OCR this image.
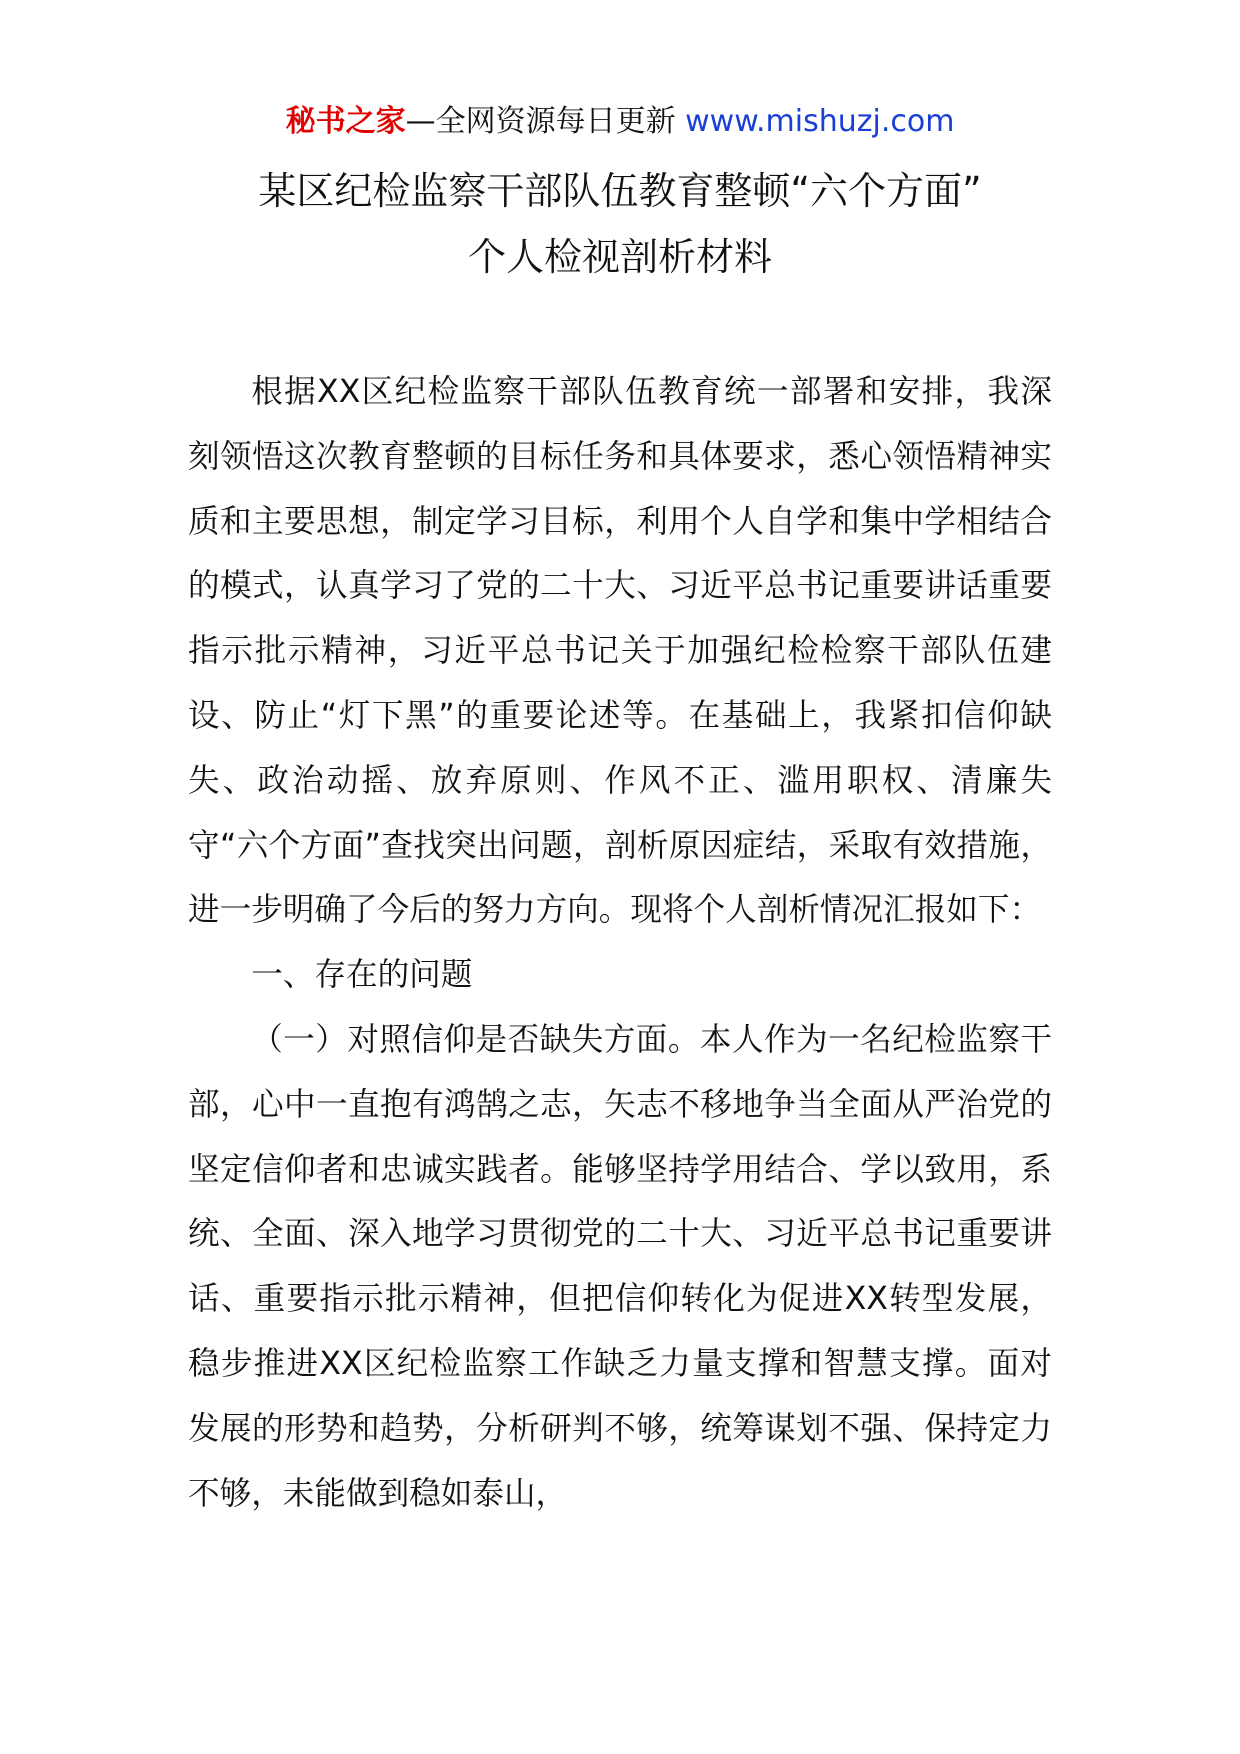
秘书之家—全网资源每日更新 www.mishuzj.com
某区纪检监察干部队伍教育整顿“六个方面”
个人检视剖析材料

根据XX区纪检监察干部队伍教育统一部署和安排，我深刻领悟这次教育整顿的目标任务和具体要求，悉心领悟精神实质和主要思想，制定学习目标，利用个人自学和集中学相结合的模式，认真学习了党的二十大、习近平总书记重要讲话重要指示批示精神，习近平总书记关于加强纪检检察干部队伍建设、防止“灯下黑”的重要论述等。在基础上，我紧扣信仰缺失、政治动摇、放弃原则、作风不正、滥用职权、清廉失守“六个方面”查找突出问题，剖析原因症结，采取有效措施，进一步明确了今后的努力方向。现将个人剖析情况汇报如下：

一、存在的问题

（一）对照信仰是否缺失方面。本人作为一名纪检监察干部，心中一直抱有鸿鹄之志，矢志不移地争当全面从严治党的坚定信仰者和忠诚实践者。能够坚持学用结合、学以致用，系统、全面、深入地学习贯彻党的二十大、习近平总书记重要讲话、重要指示批示精神，但把信仰转化为促进XX转型发展，稳步推进XX区纪检监察工作缺乏力量支撑和智慧支撑。面对发展的形势和趋势，分析研判不够，统筹谋划不强、保持定力不够，未能做到稳如泰山，
